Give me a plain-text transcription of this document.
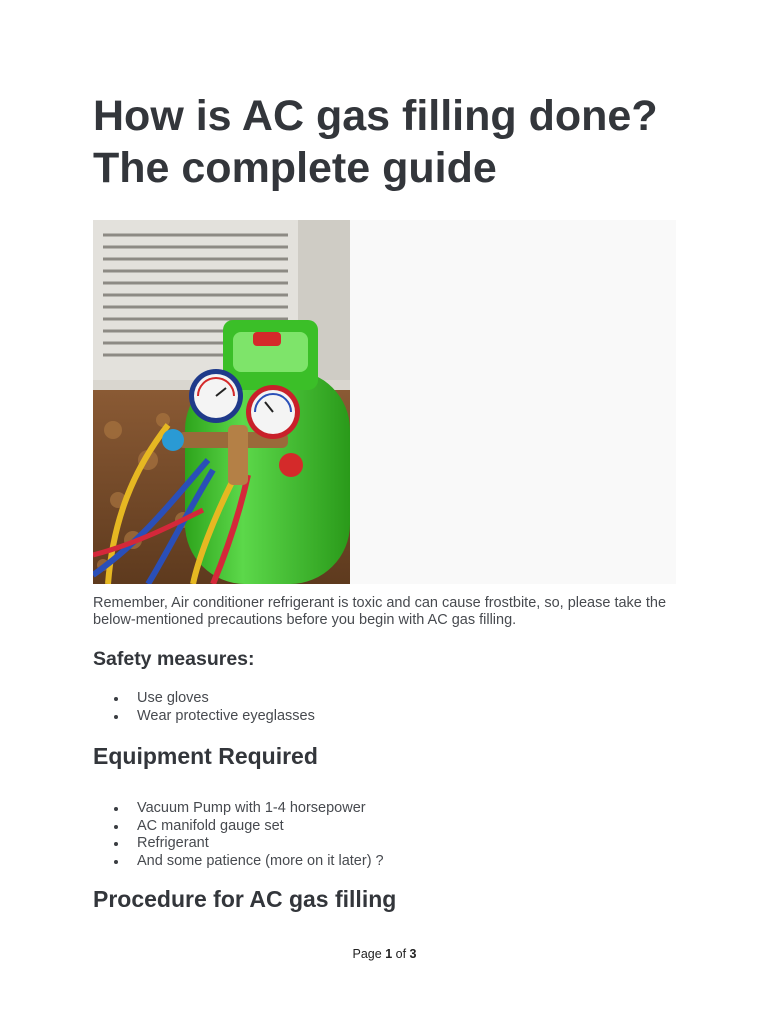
How is AC gas filling done?
The complete guide

Remember, Air conditioner refrigerant is toxic and can cause frostbite, so, please take the below-mentioned precautions before you begin with AC gas filling.

Safety measures:
Use gloves
Wear protective eyeglasses
Equipment Required
Vacuum Pump with 1-4 horsepower
AC manifold gauge set
Refrigerant
And some patience (more on it later) ?
Procedure for AC gas filling
Page 1 of 3
